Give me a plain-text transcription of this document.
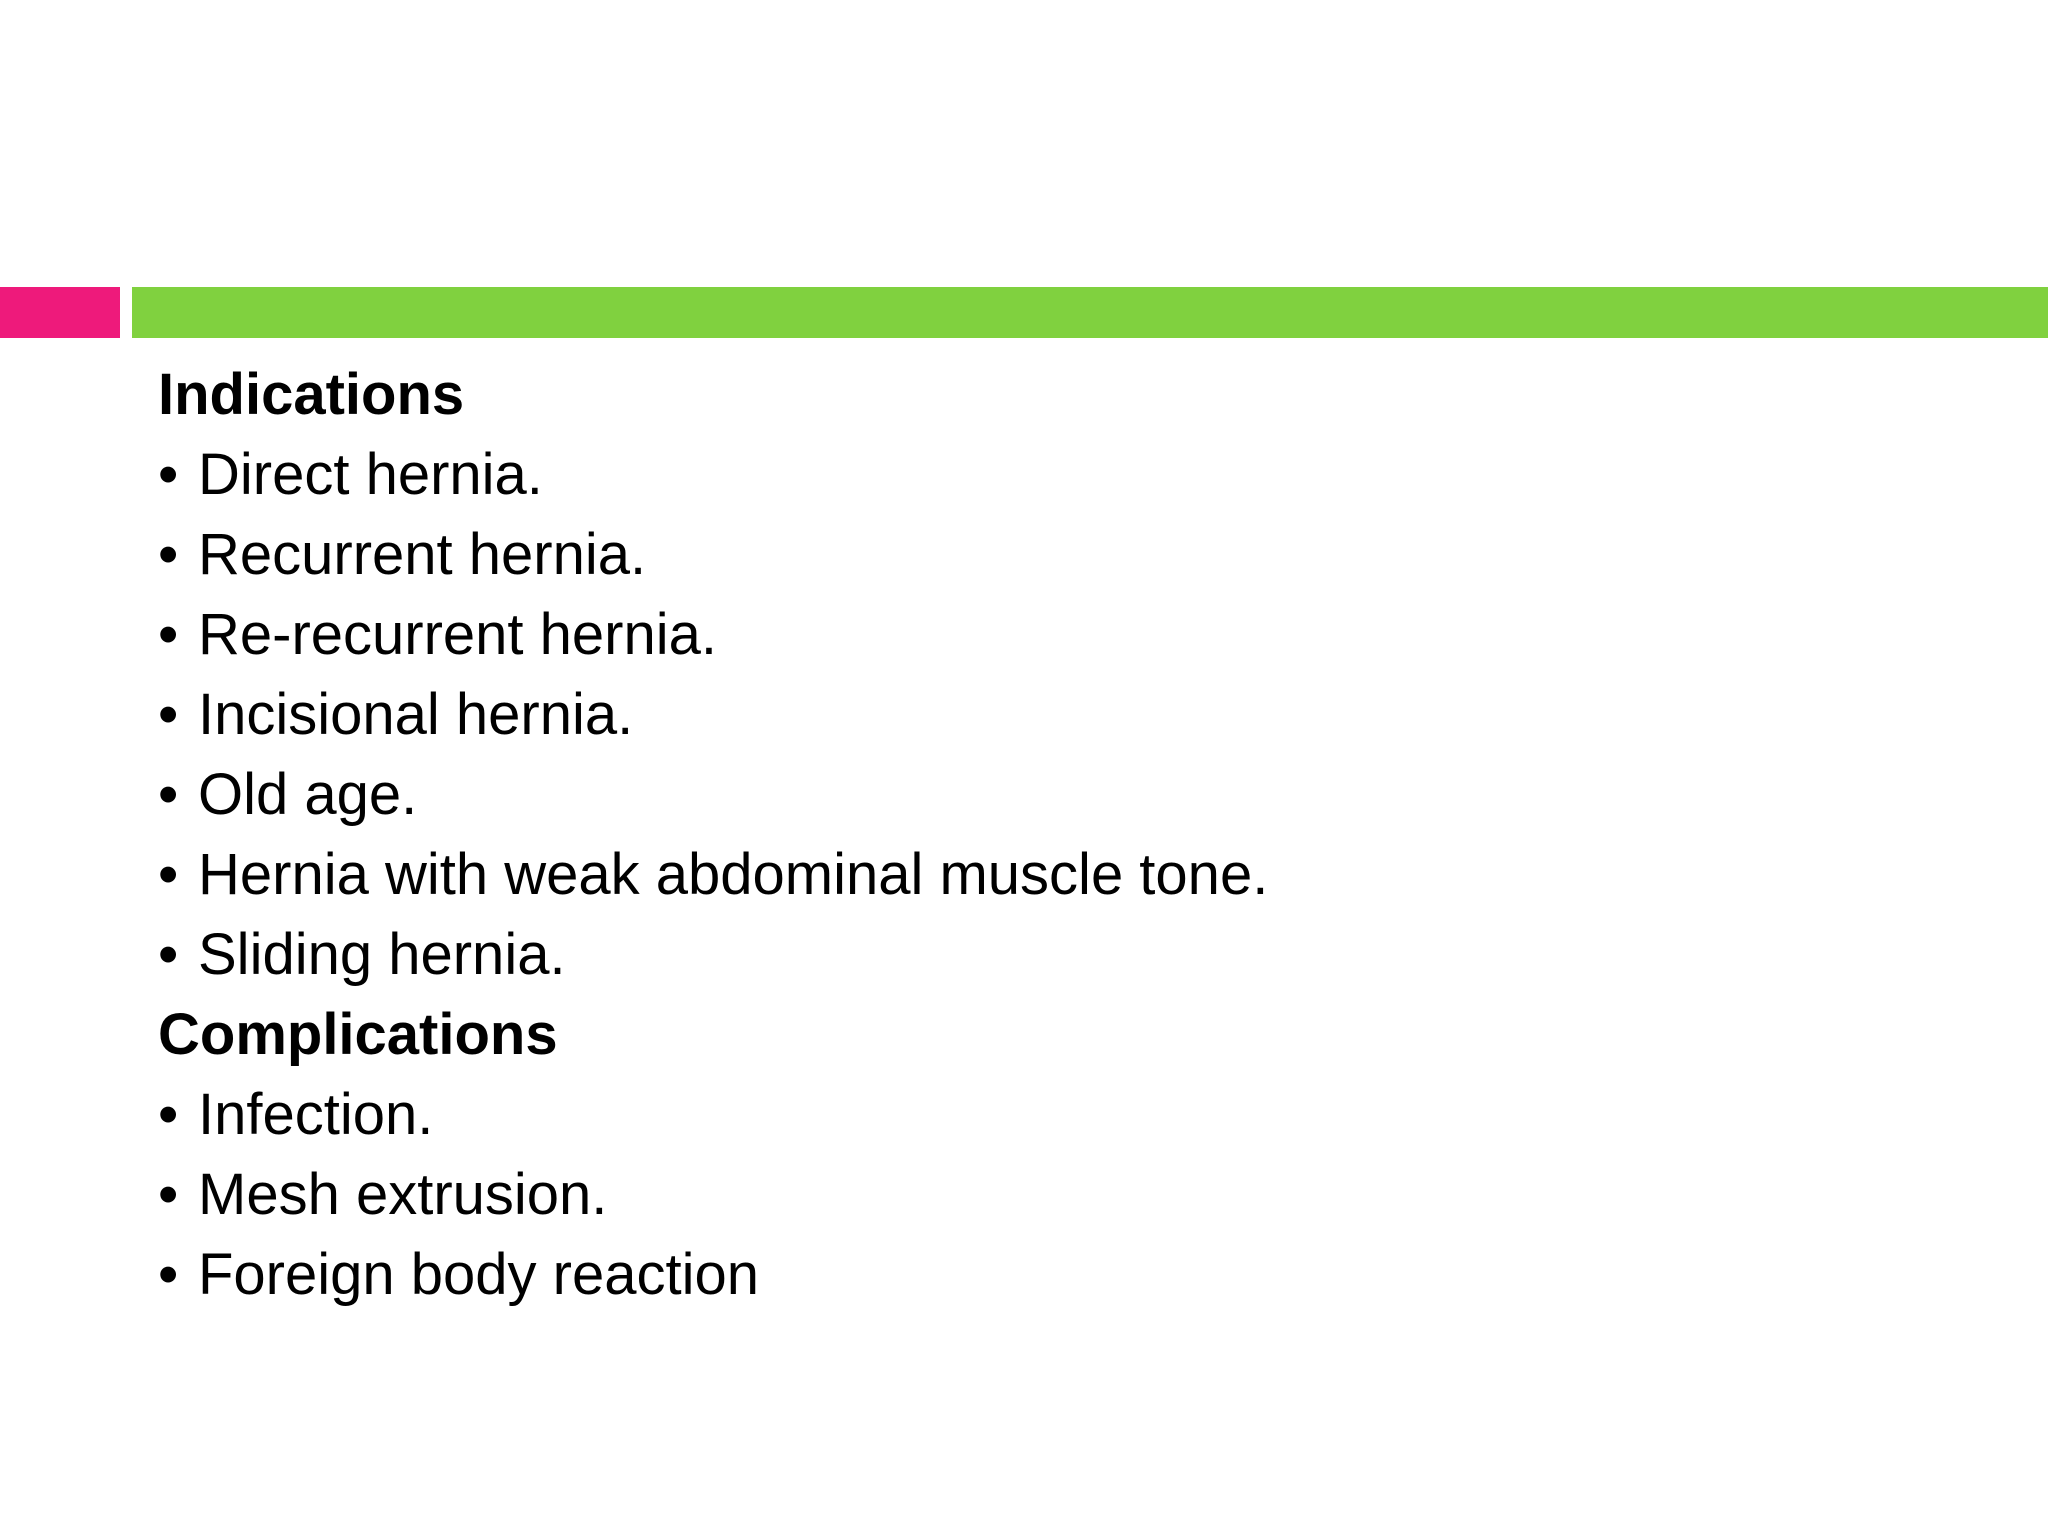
Indications
• Direct hernia.
• Recurrent hernia.
• Re-recurrent hernia.
• Incisional hernia.
• Old age.
• Hernia with weak abdominal muscle tone.
• Sliding hernia.
Complications
• Infection.
• Mesh extrusion.
• Foreign body reaction
